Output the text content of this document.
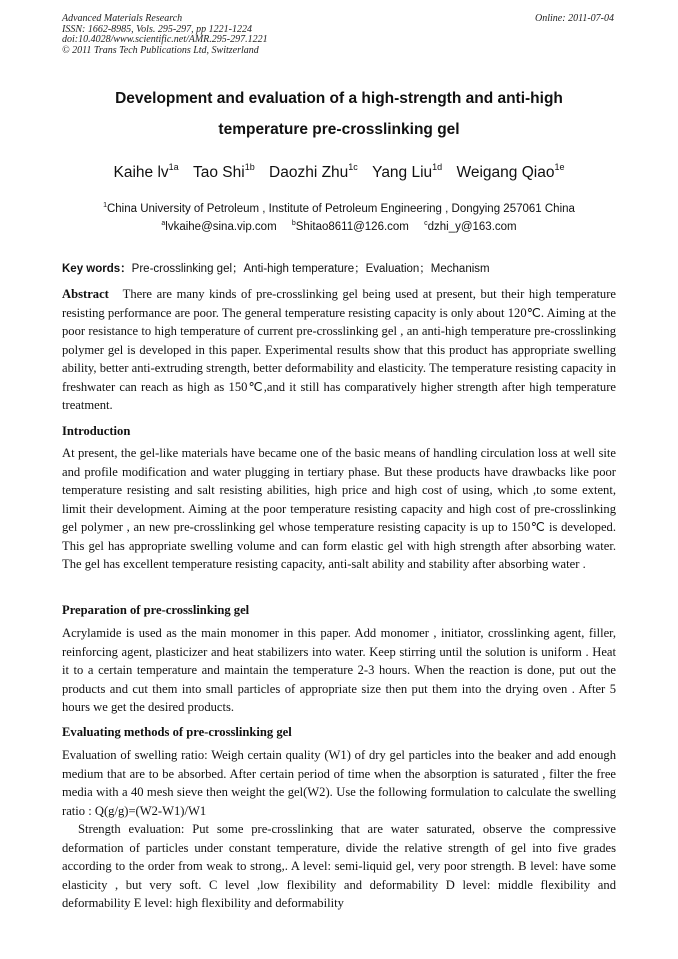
Advanced Materials Research
ISSN: 1662-8985, Vols. 295-297, pp 1221-1224
doi:10.4028/www.scientific.net/AMR.295-297.1221
© 2011 Trans Tech Publications Ltd, Switzerland
Online: 2011-07-04
Development and evaluation of a high-strength and anti-high
temperature pre-crosslinking gel
Kaihe $lv^{1a}$ Tao Shi$^{1b}$ Daozhi Zhu$^{1c}$ Yang Liu$^{1d}$ Weigang Qiao$^{1e}$
$^1$China University of Petroleum , Institute of Petroleum Engineering , Dongying 257061 China
$^a$lvkaihe@sina.vip.com $^b$Shitao8611@126.com $^c$dzhi_y@163.com
Key words：Pre-crosslinking gel；Anti-high temperature；Evaluation；Mechanism
Abstract There are many kinds of pre-crosslinking gel being used at present, but their high temperature resisting performance are poor. The general temperature resisting capacity is only about 120℃. Aiming at the poor resistance to high temperature of current pre-crosslinking gel , an anti-high temperature pre-crosslinking polymer gel is developed in this paper. Experimental results show that this product has appropriate swelling ability, better anti-extruding strength, better deformability and elasticity. The temperature resisting capacity in freshwater can reach as high as 150℃,and it still has comparatively higher strength after high temperature treatment.
Introduction
At present, the gel-like materials have became one of the basic means of handling circulation loss at well site and profile modification and water plugging in tertiary phase. But these products have drawbacks like poor temperature resisting and salt resisting abilities, high price and high cost of using, which ,to some extent, limit their development. Aiming at the poor temperature resisting capacity and high cost of pre-crosslinking gel polymer , an new pre-crosslinking gel whose temperature resisting capacity is up to 150℃ is developed. This gel has appropriate swelling volume and can form elastic gel with high strength after absorbing water. The gel has excellent temperature resisting capacity, anti-salt ability and stability after absorbing water .
Preparation of pre-crosslinking gel
Acrylamide is used as the main monomer in this paper. Add monomer , initiator, crosslinking agent, filler, reinforcing agent, plasticizer and heat stabilizers into water. Keep stirring until the solution is uniform . Heat it to a certain temperature and maintain the temperature 2-3 hours. When the reaction is done, put out the products and cut them into small particles of appropriate size then put them into the drying oven . After 5 hours we get the desired products.
Evaluating methods of pre-crosslinking gel
Evaluation of swelling ratio: Weigh certain quality (W1) of dry gel particles into the beaker and add enough medium that are to be absorbed. After certain period of time when the absorption is saturated , filter the free media with a 40 mesh sieve then weight the gel(W2). Use the following formulation to calculate the swelling ratio : Q(g/g)=(W2-W1)/W1
Strength evaluation: Put some pre-crosslinking that are water saturated, observe the compressive deformation of particles under constant temperature, divide the relative strength of gel into five grades according to the order from weak to strong,. A level: semi-liquid gel, very poor strength. B level: have some elasticity , but very soft. C level ,low flexibility and deformability D level: middle flexibility and deformability E level: high flexibility and deformability
